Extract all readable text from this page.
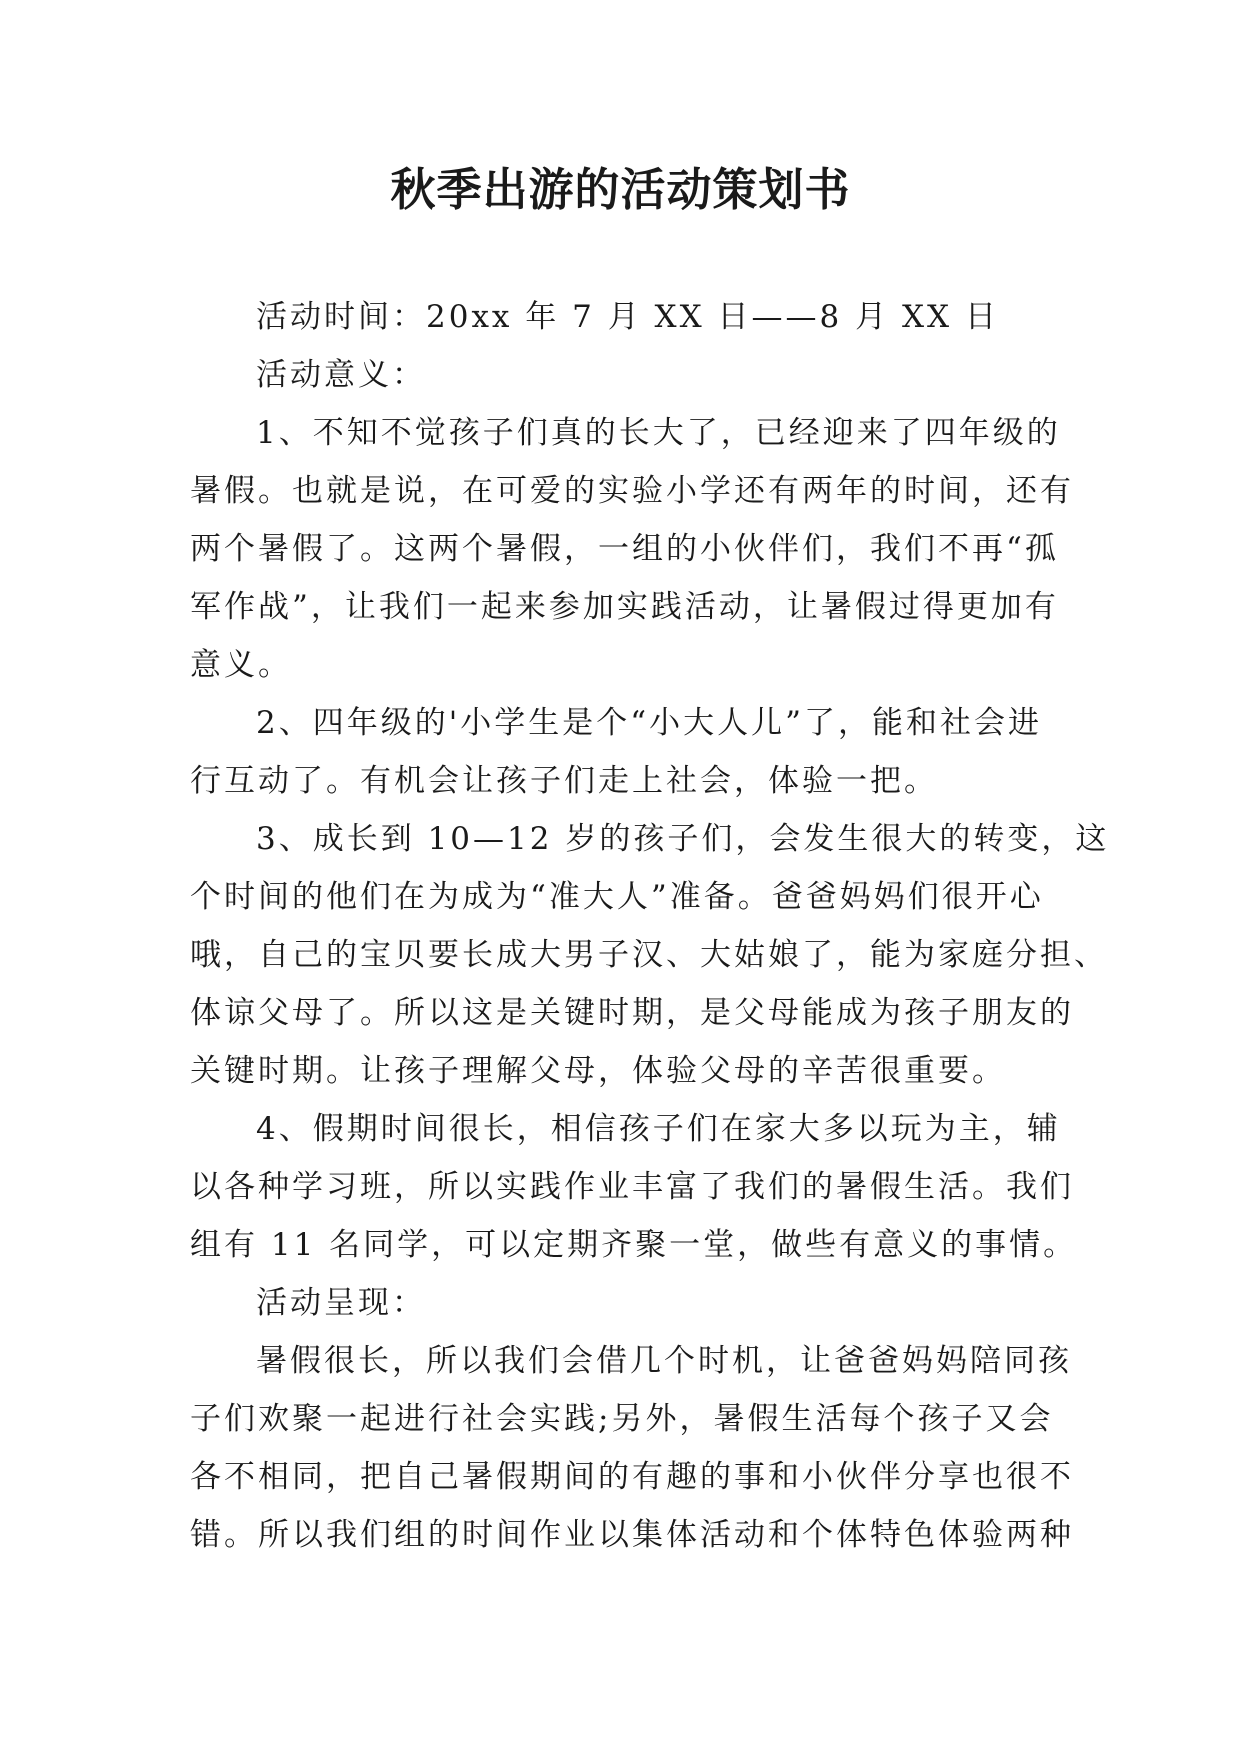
秋季出游的活动策划书
活动时间：20xx 年 7 月 XX 日——8 月 XX 日
活动意义：
1、不知不觉孩子们真的长大了，已经迎来了四年级的
暑假。也就是说，在可爱的实验小学还有两年的时间，还有
两个暑假了。这两个暑假，一组的小伙伴们，我们不再“孤
军作战”，让我们一起来参加实践活动，让暑假过得更加有
意义。
2、四年级的'小学生是个“小大人儿”了，能和社会进
行互动了。有机会让孩子们走上社会，体验一把。
3、成长到 10—12 岁的孩子们，会发生很大的转变，这
个时间的他们在为成为“准大人”准备。爸爸妈妈们很开心
哦，自己的宝贝要长成大男子汉、大姑娘了，能为家庭分担、
体谅父母了。所以这是关键时期，是父母能成为孩子朋友的
关键时期。让孩子理解父母，体验父母的辛苦很重要。
4、假期时间很长，相信孩子们在家大多以玩为主，辅
以各种学习班，所以实践作业丰富了我们的暑假生活。我们
组有 11 名同学，可以定期齐聚一堂，做些有意义的事情。
活动呈现：
暑假很长，所以我们会借几个时机，让爸爸妈妈陪同孩
子们欢聚一起进行社会实践;另外，暑假生活每个孩子又会
各不相同，把自己暑假期间的有趣的事和小伙伴分享也很不
错。所以我们组的时间作业以集体活动和个体特色体验两种
